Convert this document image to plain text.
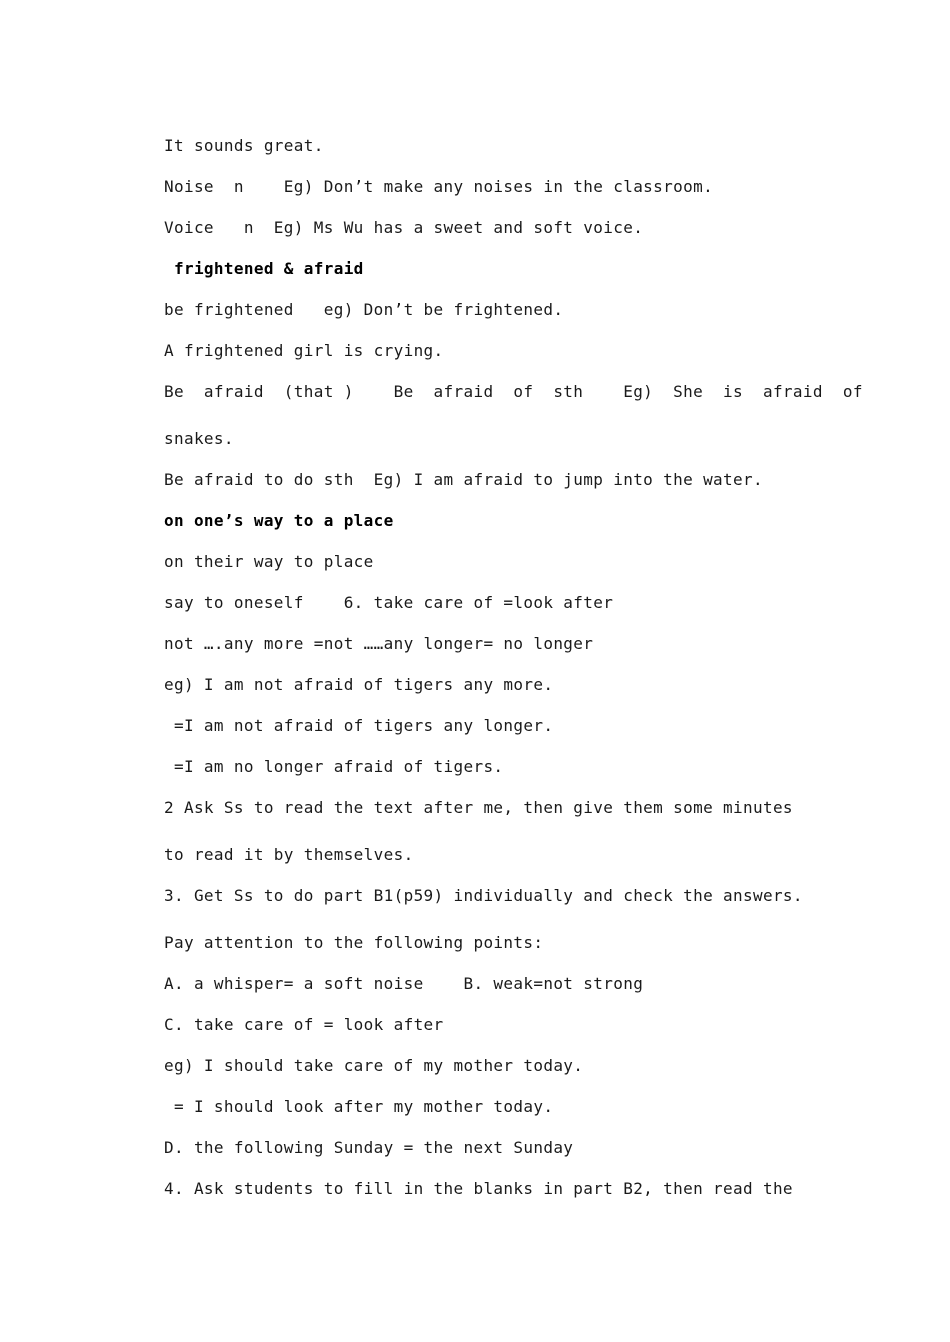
It sounds great.
Noise  n    Eg) Don’t make any noises in the classroom.
Voice   n  Eg) Ms Wu has a sweet and soft voice.
frightened & afraid
be frightened   eg) Don’t be frightened.
A frightened girl is crying.
Be  afraid  (that )    Be  afraid  of  sth    Eg)  She  is  afraid  of
snakes.
Be afraid to do sth  Eg) I am afraid to jump into the water.
on one’s way to a place
on their way to place
say to oneself    6. take care of =look after
not ….any more =not ……any longer= no longer
eg) I am not afraid of tigers any more.
=I am not afraid of tigers any longer.
=I am no longer afraid of tigers.
2 Ask Ss to read the text after me, then give them some minutes
to read it by themselves.
3. Get Ss to do part B1(p59) individually and check the answers.
Pay attention to the following points:
A. a whisper= a soft noise    B. weak=not strong
C. take care of = look after
eg) I should take care of my mother today.
= I should look after my mother today.
D. the following Sunday = the next Sunday
4. Ask students to fill in the blanks in part B2, then read the
